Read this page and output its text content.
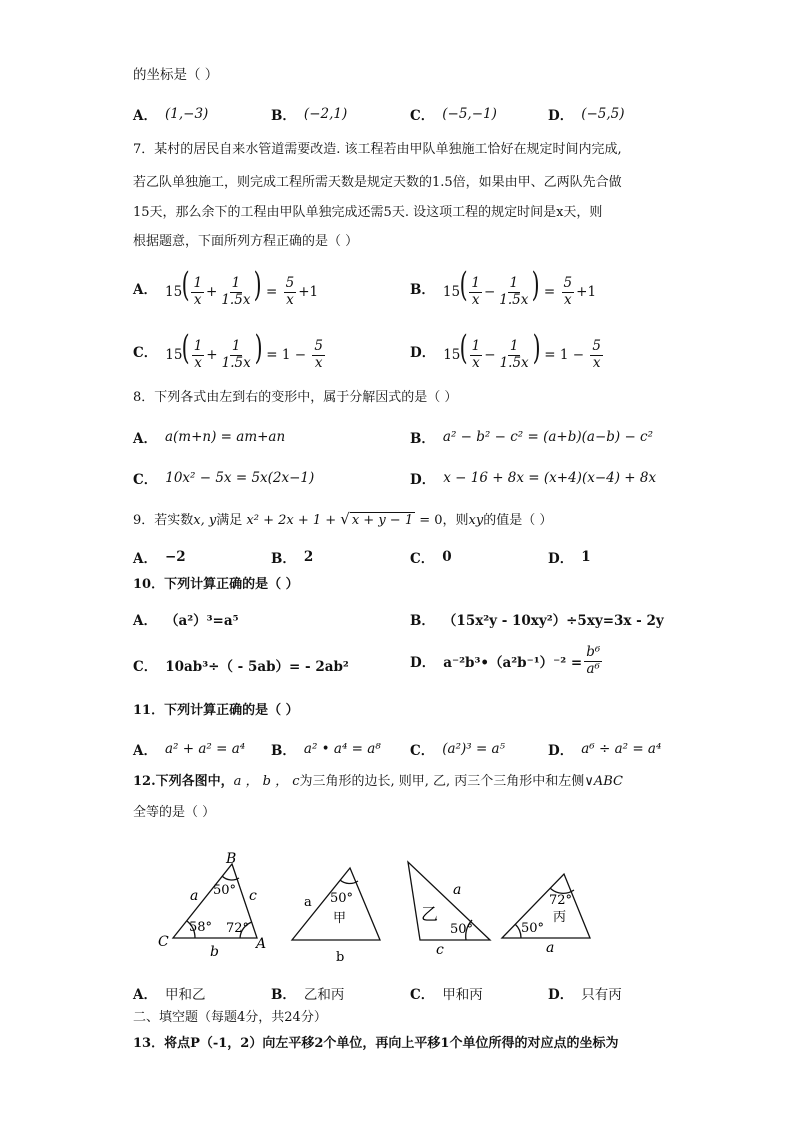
的坐标是（ ）
A． (1,−3)	B． (−2,1)	C． (−5,−1)	D． (−5,5)
7．某村的居民自来水管道需要改造. 该工程若由甲队单独施工恰好在规定时间内完成,
若乙队单独施工，则完成工程所需天数是规定天数的1.5倍，如果由甲、乙两队先合做
15天，那么余下的工程由甲队单独完成还需5天. 设这项工程的规定时间是x天，则
根据题意，下面所列方程正确的是（ ）
A． $15( \frac{1}{x} + \frac{1}{1.5x}$ ) = $\frac{5}{x} +1$	B． $15( \frac{1}{x} - \frac{1}{1.5x}$ ) = $\frac{5}{x} +1$
C． $15( \frac{1}{x} + \frac{1}{1.5x}$ ) = $1 - \frac{5}{x}$	D． $15( \frac{1}{x} - \frac{1}{1.5x}$ ) = $1 - \frac{5}{x}$
8．下列各式由左到右的变形中，属于分解因式的是（ ）
A． a(m+n) = am+an	B． a² − b² − c² = (a+b)(a−b) − c²
C． 10x² − 5x = 5x(2x−1)	D． x − 16 + 8x = (x+4)(x−4) + 8x
9．若实数x, y满足 x² + 2x + 1 + √ x + y − 1 = 0，则xy的值是（ ）
A． −2	B． 2	C． 0	D． 1
10．下列计算正确的是（ ）
A． （a²）³=a⁵	B． （15x²y - 10xy²）÷5xy=3x - 2y
C． 10ab³÷（ - 5ab）= - 2ab²	D． a⁻²b³•（a²b⁻¹）⁻² = $\frac{\text{b⁶}}{\text{a⁶}}$
11．下列计算正确的是（ ）
A． a² + a² = a⁴ B． a² • a⁴ = a⁸ C． (a²)³ = a⁵	D． a⁶ ÷ a² = a⁴
12.下列各图中，a ， b ， c为三角形的边长, 则甲, 乙, 丙三个三角形中和左侧∨ABC
全等的是（ ）
B
C	A
a
b
c
50°
58° 72°
a
b
50°
甲
a
c
50°
乙
a
72°
50°
丙
A． 甲和乙	B． 乙和丙	C． 甲和丙	D． 只有丙
二、填空题（每题4分，共24分）
13．将点P（-1，2）向左平移2个单位，再向上平移1个单位所得的对应点的坐标为
